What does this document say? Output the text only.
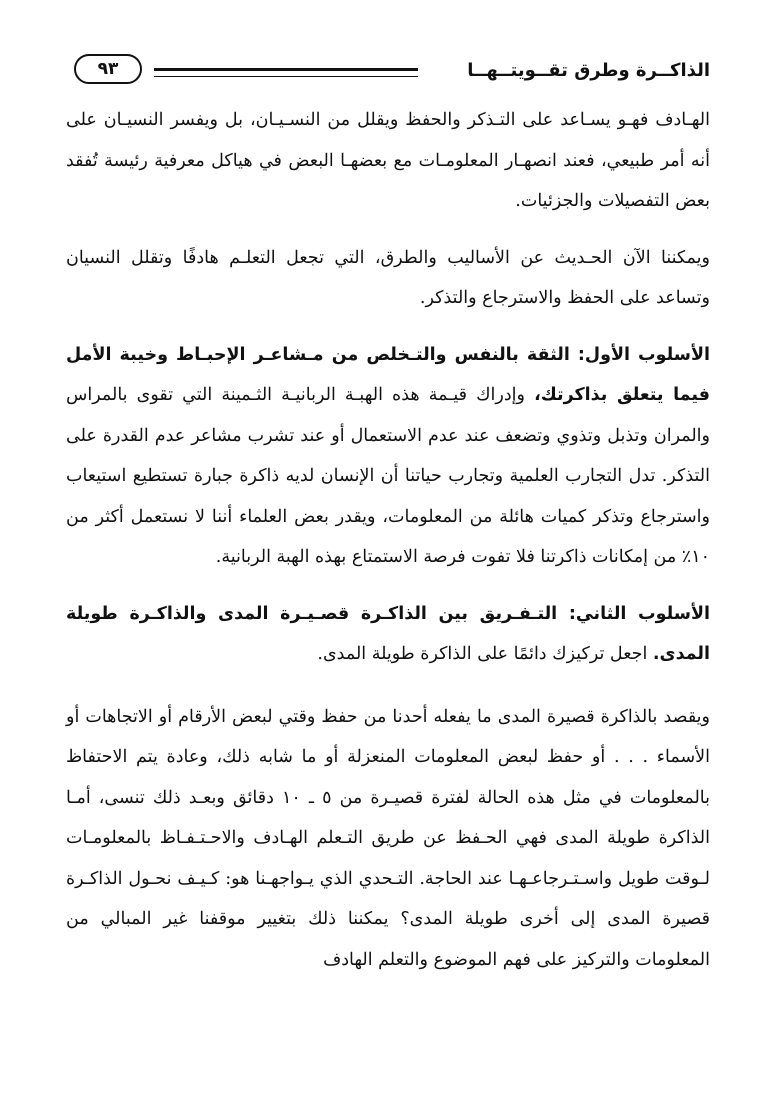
٩٣	الذاكــرة وطرق تقــويتــهــا

الهـادف فهـو يسـاعد على التـذكر والحفظ ويقلل من النسـيـان، بل ويفسر النسيـان على أنه أمر طبيعي، فعند انصهـار المعلومـات مع بعضهـا البعض في هياكل معرفية رئيسة تُفقد بعض التفصيلات والجزئيات.

ويمكننا الآن الحـديث عن الأساليب والطرق، التي تجعل التعلـم هادفًا وتقلل النسيان وتساعد على الحفظ والاسترجاع والتذكر.

الأسلوب الأول: الثقة بالنفس والتـخلص من مـشاعـر الإحبـاط وخيبة الأمل فيما يتعلق بذاكرتك، وإدراك قيـمة هذه الهبـة الربانيـة الثـمينة التي تقوى بالمراس والمران وتذبل وتذوي وتضعف عند عدم الاستعمال أو عند تشرب مشاعر عدم القدرة على التذكر. تدل التجارب العلمية وتجارب حياتنا أن الإنسان لديه ذاكرة جبارة تستطيع استيعاب واسترجاع وتذكر كميات هائلة من المعلومات، ويقدر بعض العلماء أننا لا نستعمل أكثر من ١٠٪ من إمكانات ذاكرتنا فلا تفوت فرصة الاستمتاع بهذه الهبة الربانية.

الأسلوب الثاني: التـفـريق بين الذاكـرة قصـيـرة المدى والذاكـرة طويلة المدى. اجعل تركيزك دائمًا على الذاكرة طويلة المدى.

ويقصد بالذاكرة قصيرة المدى ما يفعله أحدنا من حفظ وقتي لبعض الأرقام أو الاتجاهات أو الأسماء . . . أو حفظ لبعض المعلومات المنعزلة أو ما شابه ذلك، وعادة يتم الاحتفاظ بالمعلومات في مثل هذه الحالة لفترة قصيـرة من ٥ ـ ١٠ دقائق وبعـد ذلك تنسى، أمـا الذاكرة طويلة المدى فهي الحـفظ عن طريق التـعلم الهـادف والاحـتـفـاظ بالمعلومـات لـوقت طويل واسـتـرجاعـهـا عند الحاجة. التـحدي الذي يـواجهـنا هو: كـيـف نحـول الذاكـرة قصيرة المدى إلى أخرى طويلة المدى؟ يمكننا ذلك بتغيير موقفنا غير المبالي من المعلومات والتركيز على فهم الموضوع والتعلم الهادف
